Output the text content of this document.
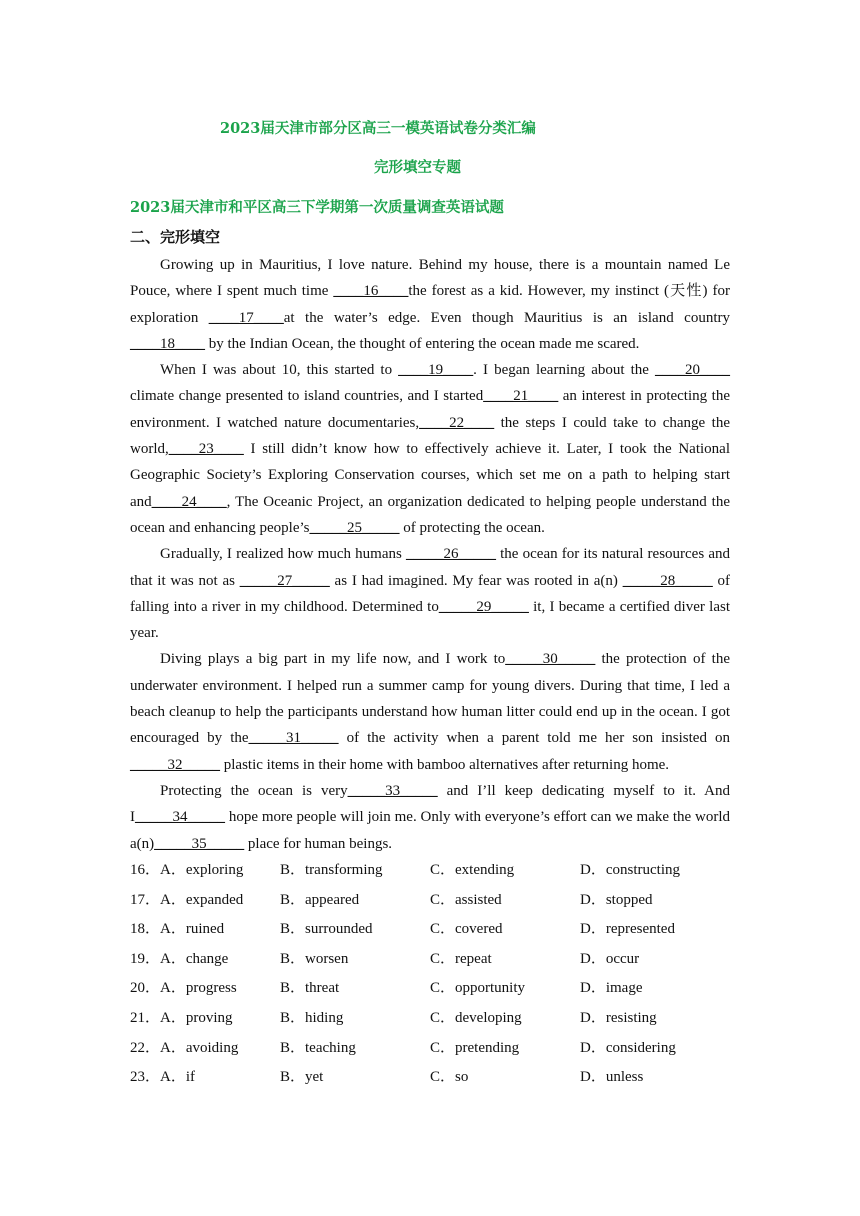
2023届天津市部分区高三一模英语试卷分类汇编
完形填空专题
2023届天津市和平区高三下学期第一次质量调查英语试题
二、完形填空

Growing up in Mauritius, I love nature. Behind my house, there is a mountain named Le Pouce, where I spent much time ____16____the forest as a kid. However, my instinct (天性) for exploration ____17____at the water’s edge. Even though Mauritius is an island country ____18____ by the Indian Ocean, the thought of entering the ocean made me scared.

When I was about 10, this started to ____19____. I began learning about the ____20____ climate change presented to island countries, and I started____21____ an interest in protecting the environment. I watched nature documentaries,____22____ the steps I could take to change the world,____23____ I still didn’t know how to effectively achieve it. Later, I took the National Geographic Society’s Exploring Conservation courses, which set me on a path to helping start and____24____, The Oceanic Project, an organization dedicated to helping people understand the ocean and enhancing people’s_____25_____ of protecting the ocean.

Gradually, I realized how much humans _____26_____ the ocean for its natural resources and that it was not as _____27_____ as I had imagined. My fear was rooted in a(n) _____28_____ of falling into a river in my childhood. Determined to_____29_____ it, I became a certified diver last year.

Diving plays a big part in my life now, and I work to_____30_____ the protection of the underwater environment. I helped run a summer camp for young divers. During that time, I led a beach cleanup to help the participants understand how human litter could end up in the ocean. I got encouraged by the_____31_____ of the activity when a parent told me her son insisted on _____32_____ plastic items in their home with bamboo alternatives after returning home.

Protecting the ocean is very_____33_____ and I’ll keep dedicating myself to it. And I_____34_____ hope more people will join me. Only with everyone’s effort can we make the world a(n)_____35_____ place for human beings.

16．A．exploring B．transforming	C．extending	D．constructing
17．A．expanded B．appeared	C．assisted	D．stopped
18．A．ruined	B．surrounded	C．covered	D．represented
19．A．change	B．worsen	C．repeat	D．occur
20．A．progress	B．threat	C．opportunity	D．image
21．A．proving	B．hiding	C．developing	D．resisting
22．A．avoiding	B．teaching	C．pretending	D．considering
23．A．if	B．yet	C．so	D．unless
